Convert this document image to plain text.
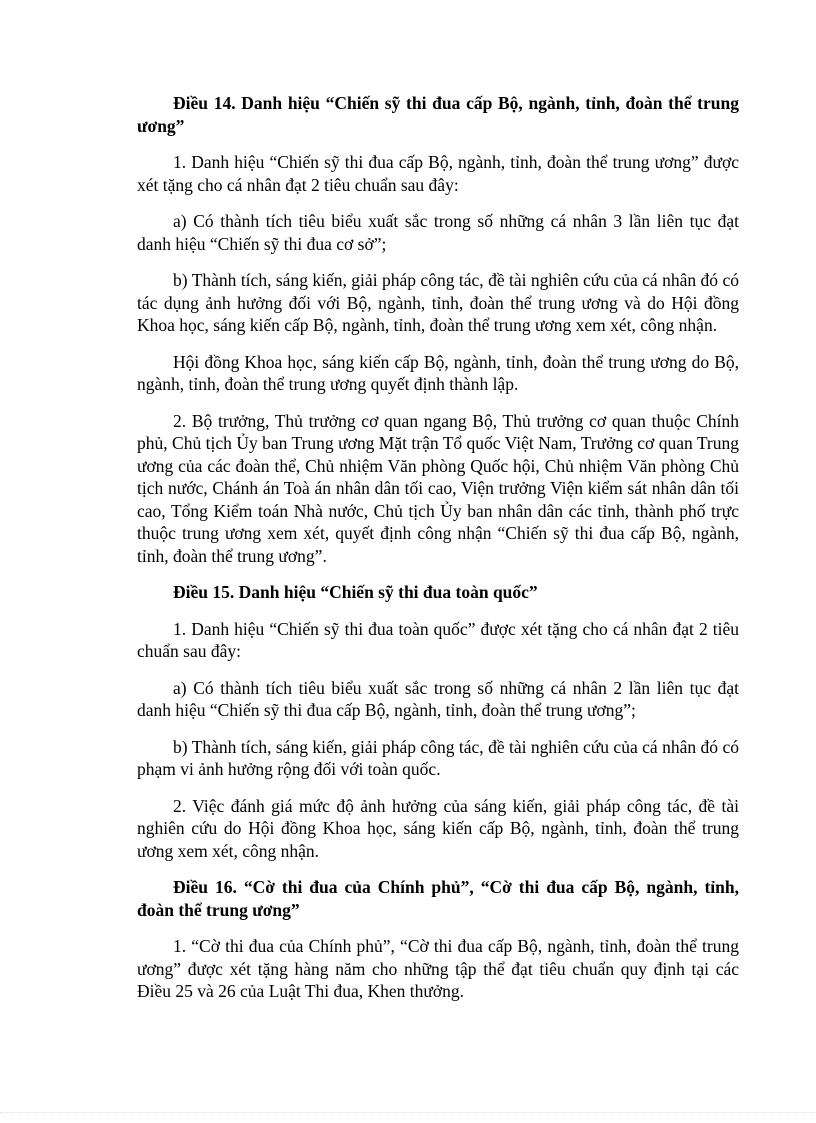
Điều 14. Danh hiệu “Chiến sỹ thi đua cấp Bộ, ngành, tỉnh, đoàn thể trung ương”

1. Danh hiệu “Chiến sỹ thi đua cấp Bộ, ngành, tỉnh, đoàn thể trung ương” được xét tặng cho cá nhân đạt 2 tiêu chuẩn sau đây:

a) Có thành tích tiêu biểu xuất sắc trong số những cá nhân 3 lần liên tục đạt danh hiệu “Chiến sỹ thi đua cơ sở”;

b) Thành tích, sáng kiến, giải pháp công tác, đề tài nghiên cứu của cá nhân đó có tác dụng ảnh hưởng đối với Bộ, ngành, tỉnh, đoàn thể trung ương và do Hội đồng Khoa học, sáng kiến cấp Bộ, ngành, tỉnh, đoàn thể trung ương xem xét, công nhận.

Hội đồng Khoa học, sáng kiến cấp Bộ, ngành, tỉnh, đoàn thể trung ương do Bộ, ngành, tỉnh, đoàn thể trung ương quyết định thành lập.

2. Bộ trưởng, Thủ trưởng cơ quan ngang Bộ, Thủ trưởng cơ quan thuộc Chính phủ, Chủ tịch Ủy ban Trung ương Mặt trận Tổ quốc Việt Nam, Trưởng cơ quan Trung ương của các đoàn thể, Chủ nhiệm Văn phòng Quốc hội, Chủ nhiệm Văn phòng Chủ tịch nước, Chánh án Toà án nhân dân tối cao, Viện trưởng Viện kiểm sát nhân dân tối cao, Tổng Kiểm toán Nhà nước, Chủ tịch Ủy ban nhân dân các tỉnh, thành phố trực thuộc trung ương xem xét, quyết định công nhận “Chiến sỹ thi đua cấp Bộ, ngành, tỉnh, đoàn thể trung ương”.

Điều 15. Danh hiệu “Chiến sỹ thi đua toàn quốc”

1. Danh hiệu “Chiến sỹ thi đua toàn quốc” được xét tặng cho cá nhân đạt 2 tiêu chuẩn sau đây:

a) Có thành tích tiêu biểu xuất sắc trong số những cá nhân 2 lần liên tục đạt danh hiệu “Chiến sỹ thi đua cấp Bộ, ngành, tỉnh, đoàn thể trung ương”;

b) Thành tích, sáng kiến, giải pháp công tác, đề tài nghiên cứu của cá nhân đó có phạm vi ảnh hưởng rộng đối với toàn quốc.

2. Việc đánh giá mức độ ảnh hưởng của sáng kiến, giải pháp công tác, đề tài nghiên cứu do Hội đồng Khoa học, sáng kiến cấp Bộ, ngành, tỉnh, đoàn thể trung ương xem xét, công nhận.

Điều 16. “Cờ thi đua của Chính phủ”, “Cờ thi đua cấp Bộ, ngành, tỉnh, đoàn thể trung ương”

1. “Cờ thi đua của Chính phủ”, “Cờ thi đua cấp Bộ, ngành, tỉnh, đoàn thể trung ương” được xét tặng hàng năm cho những tập thể đạt tiêu chuẩn quy định tại các Điều 25 và 26 của Luật Thi đua, Khen thưởng.
